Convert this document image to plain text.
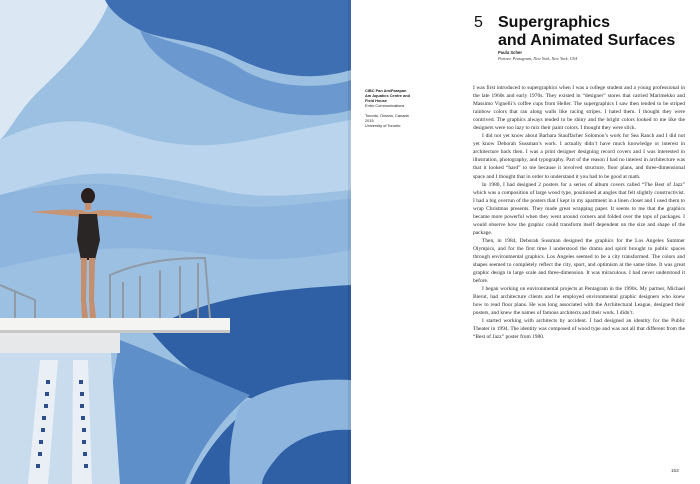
CIBC Pan Am/Parapan
Am Aquatics Centre and
Field House
Entro Communications
Toronto, Ontario, Canada
2015
University of Toronto
5 Supergraphics
and Animated Surfaces
Paula Scher
Partner, Pentagram, New York, New York, USA

I was first introduced to supergraphics when I was a college student and a young professional in the late 1960s and early 1970s. They existed in “designer” stores that carried Marimekko and Massimo Vignelli’s coffee cups from Heller. The supergraphics I saw then tended to be striped rainbow colors that ran along walls like racing stripes. I hated them. I thought they were contrived. The graphics always tended to be shiny and the bright colors looked to me like the designers were too lazy to mix their paint colors. I thought they were slick.

I did not yet know about Barbara Stauffacher Solomon’s work for Sea Ranch and I did not yet know Deborah Sussman’s work. I actually didn’t have much knowledge or interest in architecture back then. I was a print designer designing record covers and I was interested in illustration, photography, and typography. Part of the reason I had no interest in architecture was that it looked “hard” to me because it involved structure, floor plans, and three-dimensional space and I thought that in order to understand it you had to be good at math.

In 1980, I had designed 2 posters for a series of album covers called “The Best of Jazz” which was a composition of large wood type, positioned at angles that felt slightly constructivist. I had a big overrun of the posters that I kept in my apartment in a linen closet and I used them to wrap Christmas presents. They made great wrapping paper. It seems to me that the graphics became more powerful when they went around corners and folded over the tops of packages. I would observe how the graphic could transform itself dependent on the size and shape of the package.

Then, in 1984, Deborah Sussman designed the graphics for the Los Angeles Summer Olympics, and for the first time I understood the drama and spirit brought to public spaces through environmental graphics. Los Angeles seemed to be a city transformed. The colors and shapes seemed to completely reflect the city, sport, and optimism at the same time. It was great graphic design in large scale and three-dimension. It was miraculous. I had never understood it before.

I began working on environmental projects at Pentagram in the 1990s. My partner, Michael Bierut, had architecture clients and he employed environmental graphic designers who knew how to read floor plans. He was long associated with the Architectural League, designed their posters, and knew the names of famous architects and their work. I didn’t.

I started working with architects by accident. I had designed an identity for the Public Theater in 1994. The identity was composed of wood type and was not all that different from the “Best of Jazz” poster from 1980.

153
